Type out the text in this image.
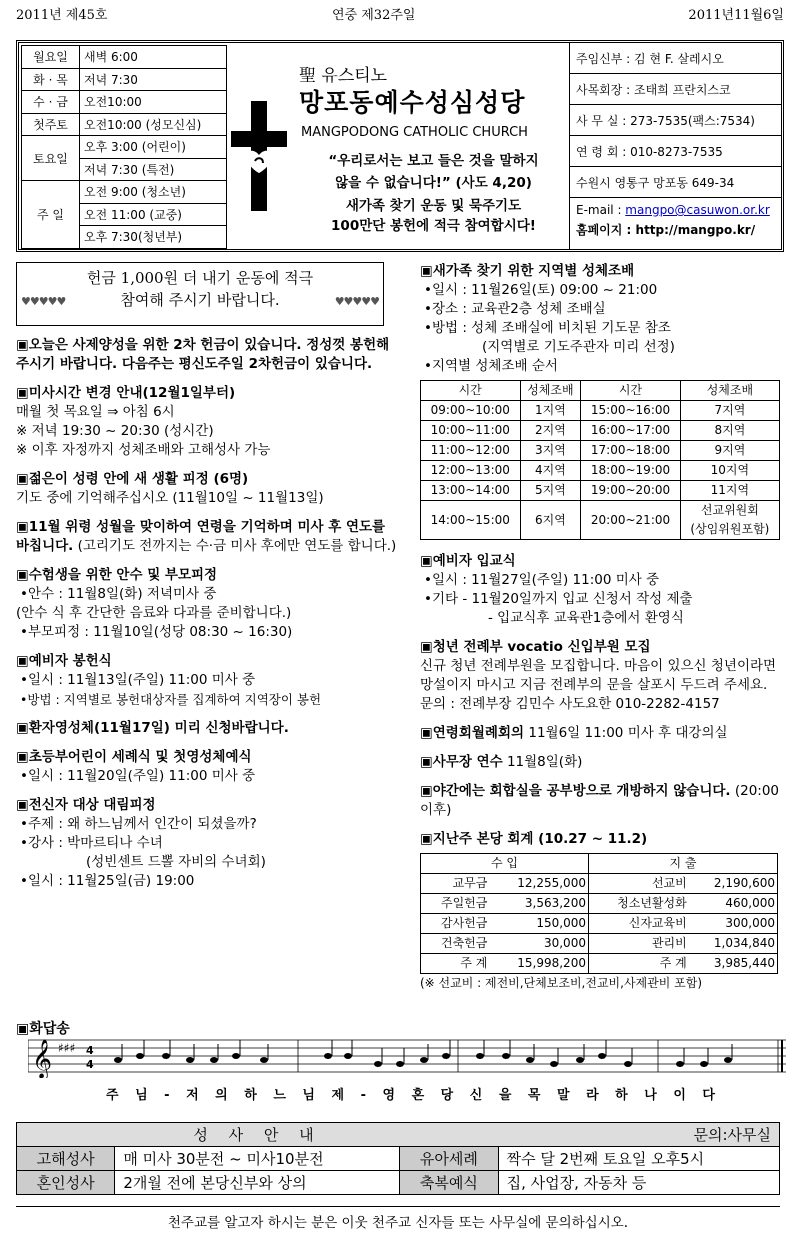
2011년 제45호	연중 제32주일	2011년11월6일
월요일	새벽 6:00
화 · 목	저녁 7:30
수 · 금	오전10:00
첫주토	오전10:00 (성모신심)
토요일	오후 3:00 (어린이)
	저녁 7:30 (특전)
주 일	오전 9:00 (청소년)
	오전 11:00 (교중)
	오후 7:30(청년부)
聖 유스티노
망포동예수성심성당
MANGPODONG CATHOLIC CHURCH
“우리로서는 보고 들은 것을 말하지
않을 수 없습니다!” (사도 4,20)
새가족 찾기 운동 및 묵주기도
100만단 봉헌에 적극 참여합시다!
주임신부 : 김 현 F. 살레시오
사목회장 : 조태희 프란치스코
사 무 실 : 273-7535(팩스:7534)
연 령 회 : 010-8273-7535
수원시 영통구 망포동 649-34
E-mail : mangpo@casuwon.or.kr
홈페이지 : http://mangpo.kr/
헌금 1,000원 더 내기 운동에 적극
참여해 주시기 바랍니다.
♥♥♥♥♥	♥♥♥♥♥
▣ 오늘은 사제양성을 위한 2차 헌금이 있습니다. 정성껏 봉헌해 주시기 바랍니다. 다음주는 평신도주일 2차헌금이 있습니다.
▣ 미사시간 변경 안내(12월1일부터)
매월 첫 목요일 ⇒ 아침 6시
※ 저녁 19:30 ~ 20:30 (성시간)
※ 이후 자정까지 성체조배와 고해성사 가능
▣ 젊은이 성령 안에 새 생활 피정 (6명)
기도 중에 기억해주십시오 (11월10일 ~ 11월13일)
▣ 11월 위령 성월을 맞이하여 연령을 기억하며 미사 후 연도를 바칩니다. (고리기도 전까지는 수·금 미사 후에만 연도를 합니다.)
▣ 수험생을 위한 안수 및 부모피정
• 안수 : 11월8일(화) 저녁미사 중
(안수 식 후 간단한 음료와 다과를 준비합니다.)
• 부모피정 : 11월10일(성당 08:30 ~ 16:30)
▣ 예비자 봉헌식
• 일시 : 11월13일(주일) 11:00 미사 중
• 방법 : 지역별로 봉헌대상자를 집계하여 지역장이 봉헌
▣ 환자영성체(11월17일) 미리 신청바랍니다.
▣ 초등부어린이 세례식 및 첫영성체예식
• 일시 : 11월20일(주일) 11:00 미사 중
▣ 전신자 대상 대림피정
• 주제 : 왜 하느님께서 인간이 되셨을까?
• 강사 : 박마르티나 수녀
(성빈센트 드뽈 자비의 수녀회)
• 일시 : 11월25일(금) 19:00
▣ 새가족 찾기 위한 지역별 성체조배
• 일시 : 11월26일(토) 09:00 ~ 21:00
• 장소 : 교육관2층 성체 조배실
• 방법 : 성체 조배실에 비치된 기도문 참조
(지역별로 기도주관자 미리 선정)
• 지역별 성체조배 순서
시간	성체조배	시간	성체조배
09:00~10:00	1지역	15:00~16:00	7지역
10:00~11:00	2지역	16:00~17:00	8지역
11:00~12:00	3지역	17:00~18:00	9지역
12:00~13:00	4지역	18:00~19:00	10지역
13:00~14:00	5지역	19:00~20:00	11지역
14:00~15:00	6지역	20:00~21:00	선교위원회
(상임위원포함)
▣ 예비자 입교식
• 일시 : 11월27일(주일) 11:00 미사 중
• 기타 - 11월20일까지 입교 신청서 작성 제출
- 입교식후 교육관1층에서 환영식
▣ 청년 전례부 vocatio 신입부원 모집
신규 청년 전례부원을 모집합니다. 마음이 있으신 청년이라면 망설이지 마시고 지금 전례부의 문을 살포시 두드려 주세요.
문의 : 전례부장 김민수 사도요한 010-2282-4157
▣ 연령회월례회의 11월6일 11:00 미사 후 대강의실
▣ 사무장 연수 11월8일(화)
▣ 야간에는 회합실을 공부방으로 개방하지 않습니다. (20:00 이후)
▣ 지난주 본당 회계 (10.27 ~ 11.2)
수 입		지 출	
교무금	12,255,000	선교비	2,190,600
주일헌금	3,563,200	청소년활성화	460,000
감사헌금	150,000	신자교육비	300,000
건축헌금	30,000	관리비	1,034,840
주 계	15,998,200	주 계	3,985,440
(※ 선교비 : 제전비,단체보조비,전교비,사제관비 포함)
▣ 화답송
𝄞 ♯♯♯ 4
4
주 님 - 저 의 하 느 님 제 - 영 혼 당 신 을 목 말 라 하 나 이 다
성 사 안 내			문의:사무실
고해성사	매 미사 30분전 ~ 미사10분전	유아세례	짝수 달 2번째 토요일 오후5시
혼인성사	2개월 전에 본당신부와 상의	축복예식	집, 사업장, 자동차 등
천주교를 알고자 하시는 분은 이웃 천주교 신자들 또는 사무실에 문의하십시오.
